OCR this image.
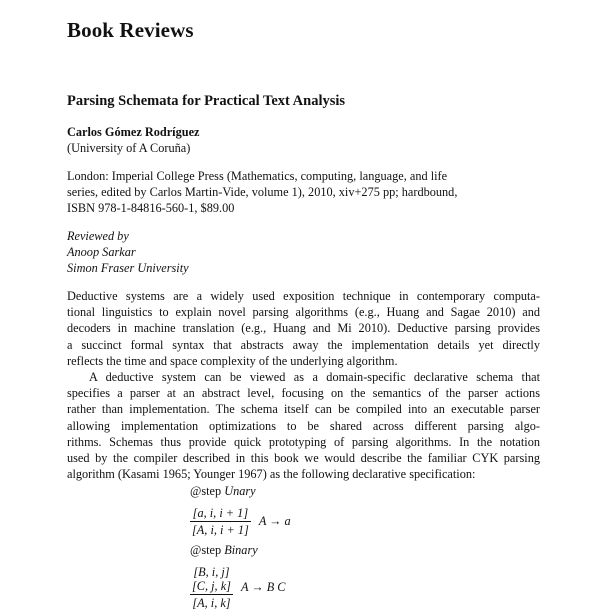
Book Reviews
Parsing Schemata for Practical Text Analysis
Carlos Gómez Rodríguez
(University of A Coruña)
London: Imperial College Press (Mathematics, computing, language, and life
series, edited by Carlos Martin-Vide, volume 1), 2010, xiv+275 pp; hardbound,
ISBN 978-1-84816-560-1, $89.00
Reviewed by
Anoop Sarkar
Simon Fraser University

Deductive systems are a widely used exposition technique in contemporary computa-
tional linguistics to explain novel parsing algorithms (e.g., Huang and Sagae 2010) and
decoders in machine translation (e.g., Huang and Mi 2010). Deductive parsing provides
a succinct formal syntax that abstracts away the implementation details yet directly
reflects the time and space complexity of the underlying algorithm.

A deductive system can be viewed as a domain-specific declarative schema that
specifies a parser at an abstract level, focusing on the semantics of the parser actions
rather than implementation. The schema itself can be compiled into an executable parser
allowing implementation optimizations to be shared across different parsing algo-
rithms. Schemas thus provide quick prototyping of parsing algorithms. In the notation
used by the compiler described in this book we would describe the familiar CYK parsing
algorithm (Kasami 1965; Younger 1967) as the following declarative specification:

@step Unary
$\frac{[a, i, i + 1]}{[A, i, i + 1]}$ A → a
@step Binary
[B, i, j]
[C, j, k]
[A, i, k] A → B C
